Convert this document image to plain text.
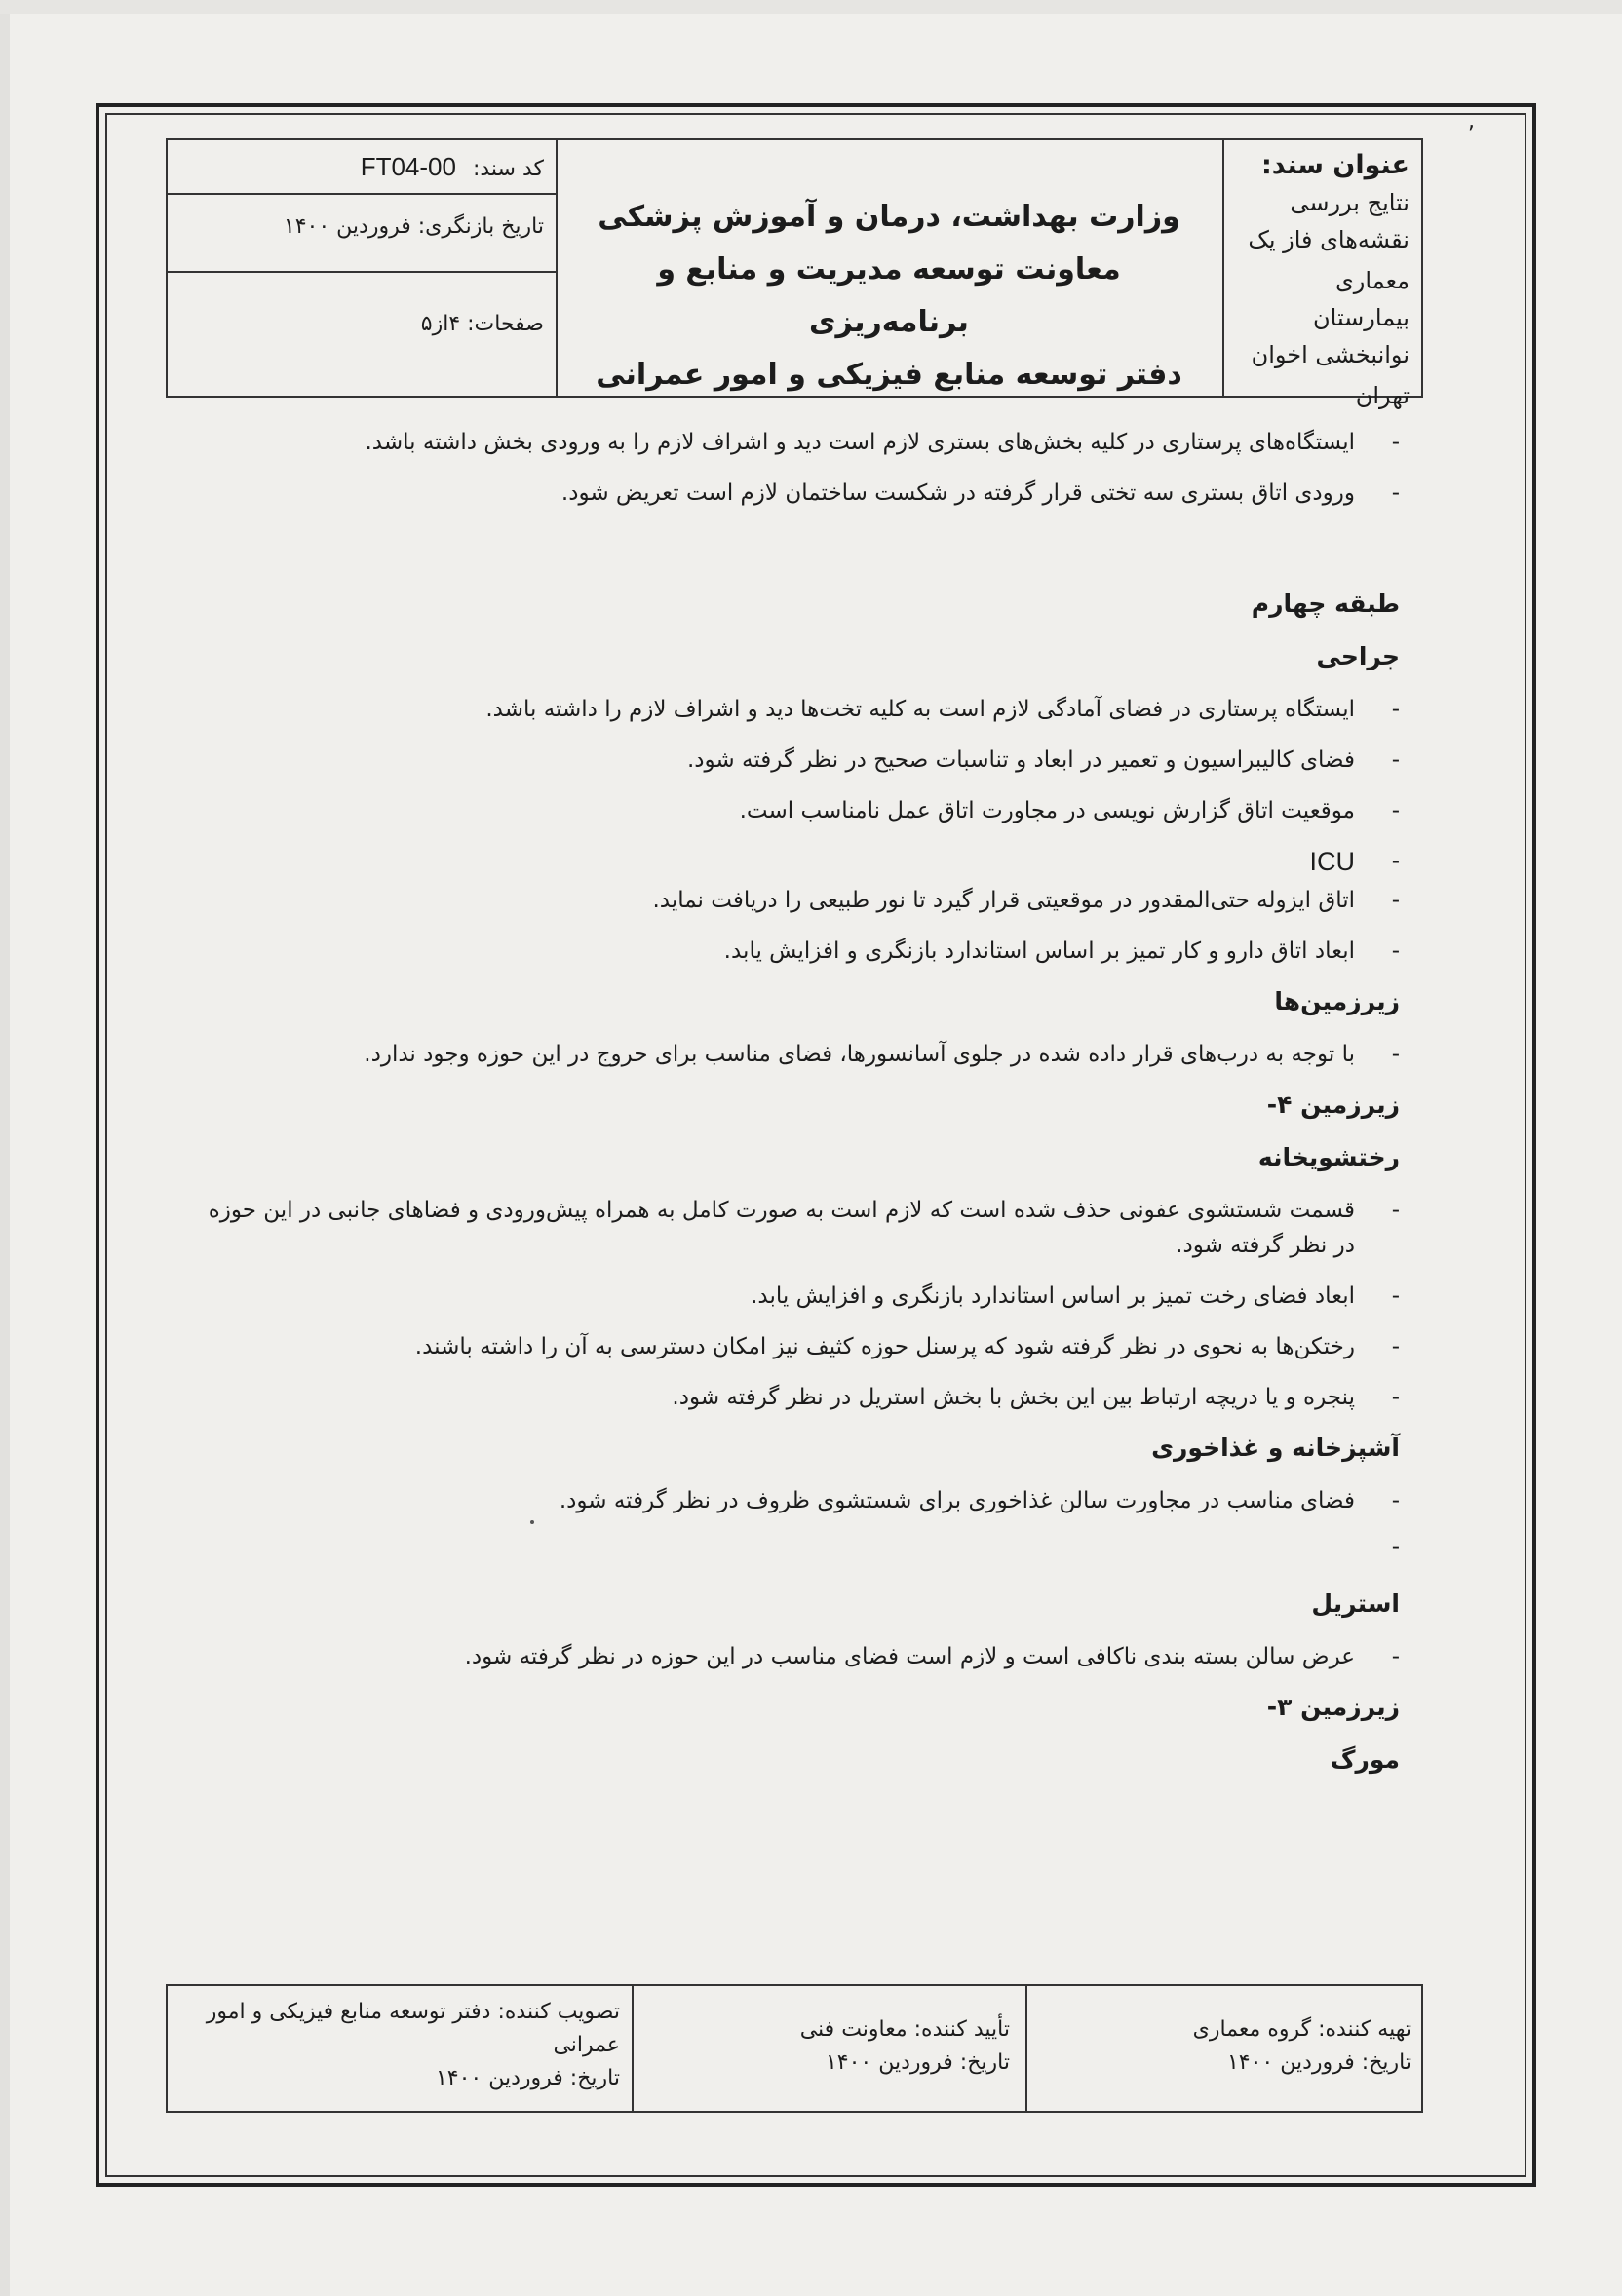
,
عنوان سند:
نتایج بررسی نقشه‌های فاز یک
معماری بیمارستان نوانبخشی اخوان
تهران
وزارت بهداشت، درمان و آموزش پزشکی
معاونت توسعه مدیریت و منابع و برنامه‌ریزی
دفتر توسعه منابع فیزیکی و امور عمرانی
کد سند: FT04-00
تاریخ بازنگری: فروردین ۱۴۰۰
صفحات: ۴از۵
-
ایستگاه‌های پرستاری در کلیه بخش‌های بستری لازم است دید و اشراف لازم را به ورودی بخش داشته باشد.
-
ورودی اتاق بستری سه تختی قرار گرفته در شکست ساختمان لازم است تعریض شود.
طبقه چهارم
جراحی
-
ایستگاه پرستاری در فضای آمادگی لازم است به کلیه تخت‌ها دید و اشراف لازم را داشته باشد.
-
فضای کالیبراسیون و تعمیر در ابعاد و تناسبات صحیح در نظر گرفته شود.
-
موقعیت اتاق گزارش نویسی در مجاورت اتاق عمل نامناسب است.
-
ICU
-
اتاق ایزوله حتی‌المقدور در موقعیتی قرار گیرد تا نور طبیعی را دریافت نماید.
-
ابعاد اتاق دارو و کار تمیز بر اساس استاندارد بازنگری و افزایش یابد.
زیرزمین‌ها
-
با توجه به درب‌های قرار داده شده در جلوی آسانسورها، فضای مناسب برای حروج در این حوزه وجود ندارد.
زیرزمین ۴-
رختشویخانه
-
قسمت شستشوی عفونی حذف شده است که لازم است به صورت کامل به همراه پیش‌ورودی و فضاهای جانبی در این حوزه در نظر گرفته شود.
-
ابعاد فضای رخت تمیز بر اساس استاندارد بازنگری و افزایش یابد.
-
رختکن‌ها به نحوی در نظر گرفته شود که پرسنل حوزه کثیف نیز امکان دسترسی به آن را داشته باشند.
-
پنجره و یا دریچه ارتباط بین این بخش با بخش استریل در نظر گرفته شود.
آشپزخانه و غذاخوری
-
فضای مناسب در مجاورت سالن غذاخوری برای شستشوی ظروف در نظر گرفته شود.
-
استریل
-
عرض سالن بسته بندی ناکافی است و لازم است فضای مناسب در این حوزه در نظر گرفته شود.
زیرزمین ۳-
مورگ
تهیه کننده: گروه معماری
تاریخ: فروردین ۱۴۰۰
تأیید کننده: معاونت فنی
تاریخ: فروردین ۱۴۰۰
تصویب کننده: دفتر توسعه منابع فیزیکی و امور عمرانی
تاریخ: فروردین ۱۴۰۰
